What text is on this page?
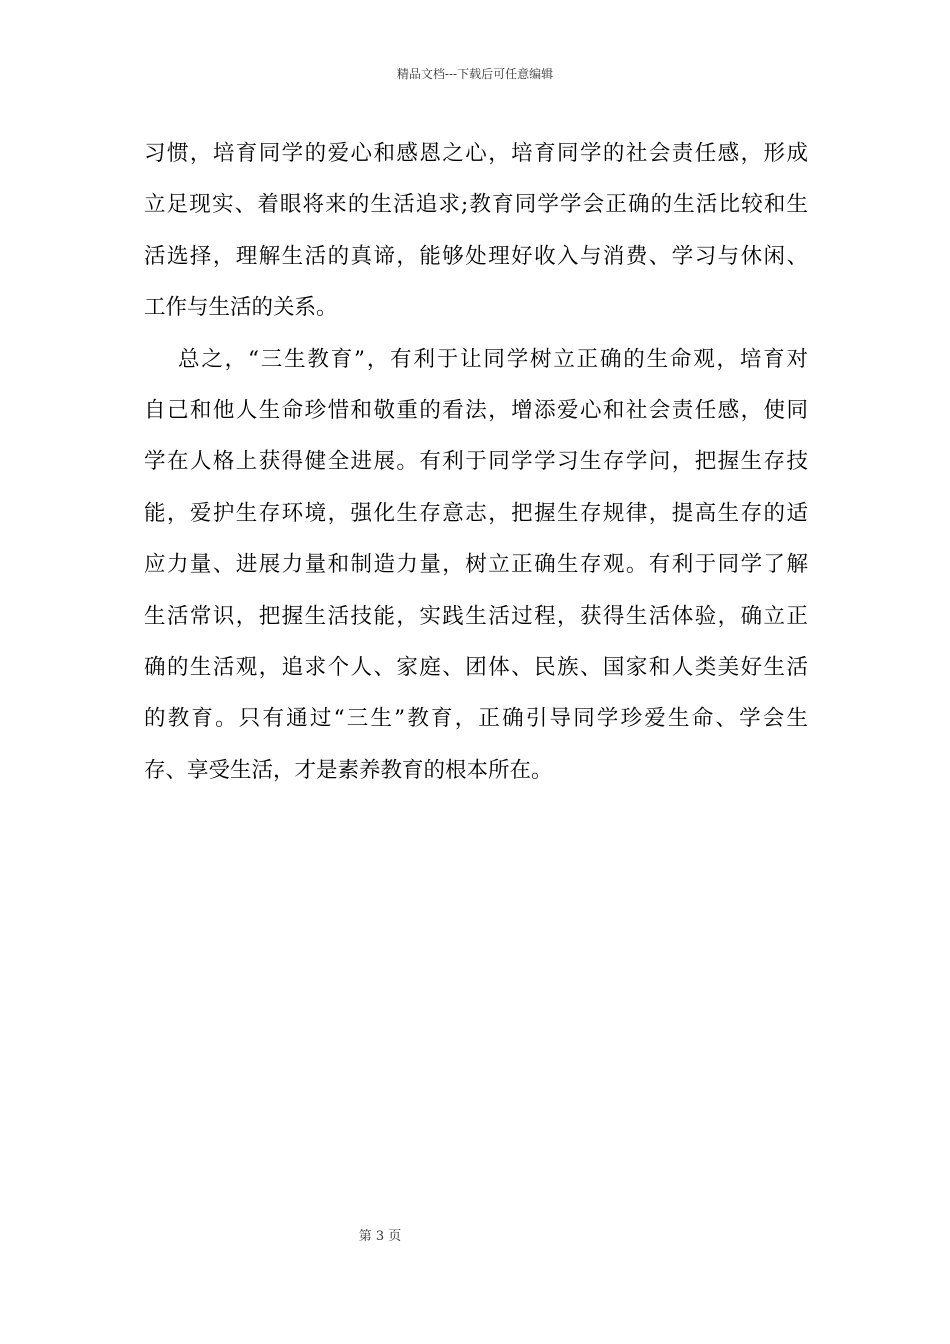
精品文档---下载后可任意编辑
习惯，培育同学的爱心和感恩之心，培育同学的社会责任感，形成
立足现实、着眼将来的生活追求;教育同学学会正确的生活比较和生
活选择，理解生活的真谛，能够处理好收入与消费、学习与休闲、
工作与生活的关系。
总之，“三生教育”，有利于让同学树立正确的生命观，培育对
自己和他人生命珍惜和敬重的看法，增添爱心和社会责任感，使同
学在人格上获得健全进展。有利于同学学习生存学问，把握生存技
能，爱护生存环境，强化生存意志，把握生存规律，提高生存的适
应力量、进展力量和制造力量，树立正确生存观。有利于同学了解
生活常识，把握生活技能，实践生活过程，获得生活体验，确立正
确的生活观，追求个人、家庭、团体、民族、国家和人类美好生活
的教育。只有通过“三生”教育，正确引导同学珍爱生命、学会生
存、享受生活，才是素养教育的根本所在。
第 3 页
